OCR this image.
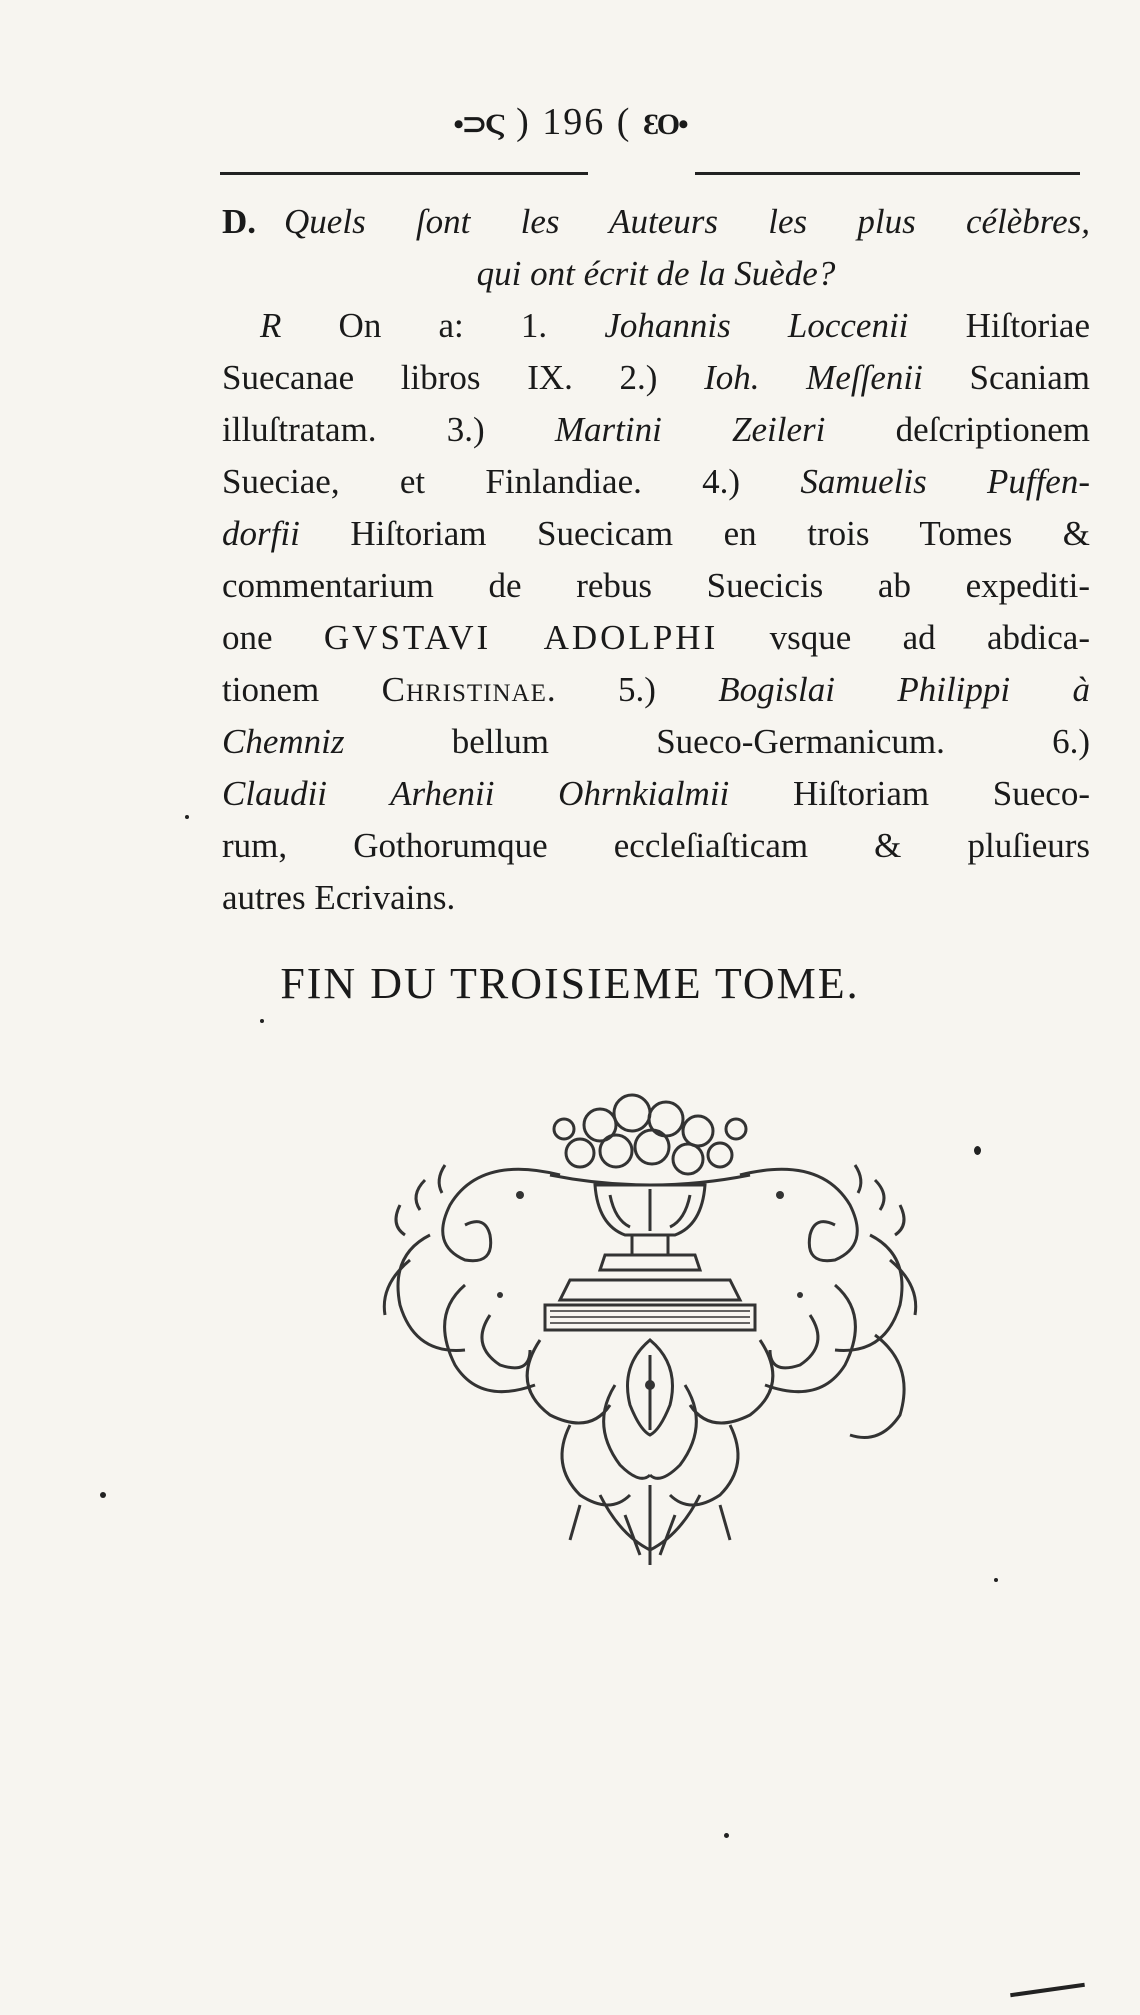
•⊃Ϛ ) 196 ( ƐO•
D. Quels ſont les Auteurs les plus célèbres,
qui ont écrit de la Suède?
R On a: 1. Johannis Loccenii Hiſtoriae
Suecanae libros IX. 2.) Ioh. Meſſenii Scaniam
illuſtratam. 3.) Martini Zeileri deſcriptionem
Sueciae, et Finlandiae. 4.) Samuelis Puffen-
dorfii Hiſtoriam Suecicam en trois Tomes &
commentarium de rebus Suecicis ab expediti-
one GVSTAVI ADOLPHI vsque ad abdica-
tionem Christinae. 5.) Bogislai Philippi à
Chemniz bellum Sueco-Germanicum. 6.)
Claudii Arhenii Ohrnkialmii Hiſtoriam Sueco-
rum, Gothorumque eccleſiaſticam & pluſieurs
autres Ecrivains.
FIN DU TROISIEME TOME.
